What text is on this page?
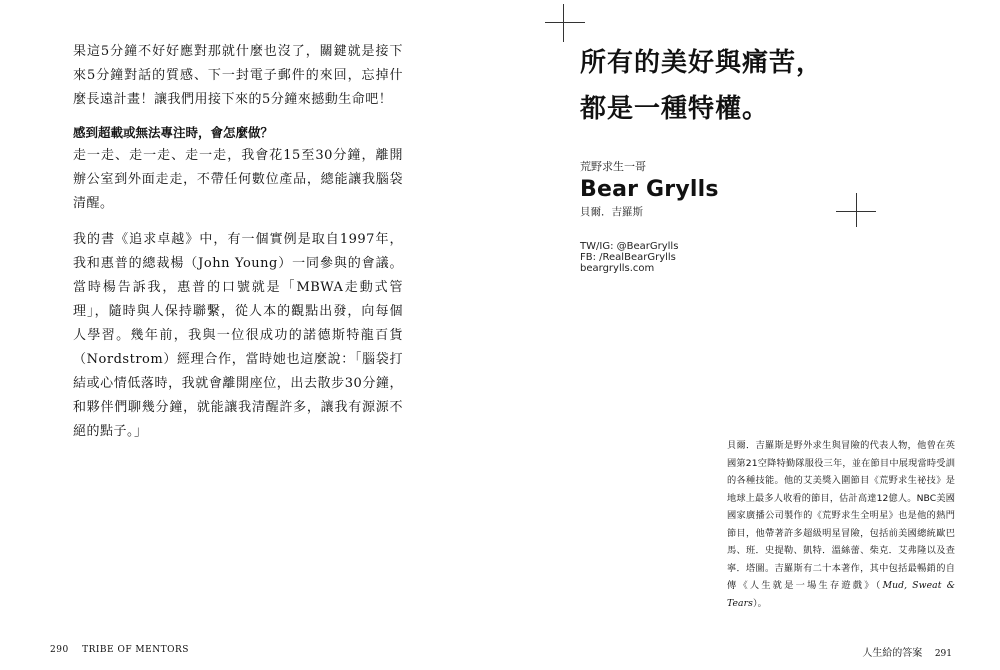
果這5分鐘不好好應對那就什麼也沒了，關鍵就是接下來5分鐘對話的質感、下一封電子郵件的來回，忘掉什麼長遠計畫！讓我們用接下來的5分鐘來撼動生命吧！

感到超載或無法專注時，會怎麼做？

走一走、走一走、走一走，我會花15至30分鐘，離開辦公室到外面走走，不帶任何數位產品，總能讓我腦袋清醒。

我的書《追求卓越》中，有一個實例是取自1997年，我和惠普的總裁楊（John Young）一同參與的會議。當時楊告訴我，惠普的口號就是「MBWA走動式管理」，隨時與人保持聯繫，從人本的觀點出發，向每個人學習。幾年前，我與一位很成功的諾德斯特龍百貨（Nordstrom）經理合作，當時她也這麼說：「腦袋打結或心情低落時，我就會離開座位，出去散步30分鐘，和夥伴們聊幾分鐘，就能讓我清醒許多，讓我有源源不絕的點子。」

290 TRIBE OF MENTORS
所有的美好與痛苦，
都是一種特權。
荒野求生一哥
Bear Grylls
貝爾．吉羅斯
TW/IG: @BearGrylls
FB: /RealBearGrylls
beargrylls.com
貝爾．吉羅斯是野外求生與冒險的代表人物，他曾在英國第21空降特勤隊服役三年，並在節目中展現當時受訓的各種技能。他的艾美獎入圍節目《荒野求生祕技》是地球上最多人收看的節目，估計高達12億人。NBC美國國家廣播公司製作的《荒野求生全明星》也是他的熱門節目，他帶著許多超級明星冒險，包括前美國總統歐巴馬、班．史提勒、凱特．溫絲蕾、柴克．艾弗隆以及查寧．塔圖。吉羅斯有二十本著作，其中包括最暢銷的自傳《人生就是一場生存遊戲》（Mud, Sweat & Tears）。
人生給的答案 291
